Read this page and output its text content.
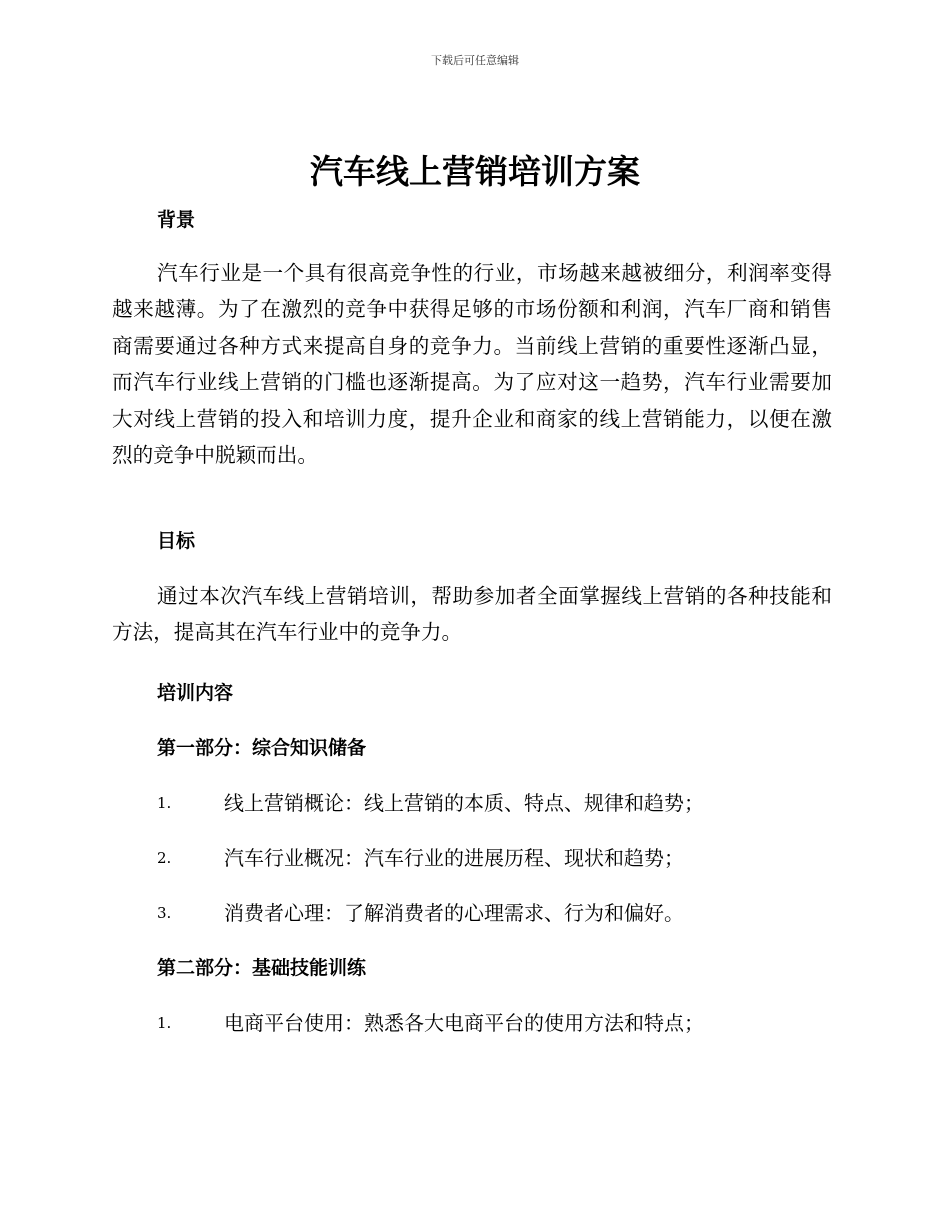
下载后可任意编辑
汽车线上营销培训方案
背景

汽车行业是一个具有很高竞争性的行业，市场越来越被细分，利润率变得越来越薄。为了在激烈的竞争中获得足够的市场份额和利润，汽车厂商和销售商需要通过各种方式来提高自身的竞争力。当前线上营销的重要性逐渐凸显，而汽车行业线上营销的门槛也逐渐提高。为了应对这一趋势，汽车行业需要加大对线上营销的投入和培训力度，提升企业和商家的线上营销能力，以便在激烈的竞争中脱颖而出。

目标

通过本次汽车线上营销培训，帮助参加者全面掌握线上营销的各种技能和方法，提高其在汽车行业中的竞争力。

培训内容
第一部分：综合知识储备
1.	线上营销概论：线上营销的本质、特点、规律和趋势；
2.	汽车行业概况：汽车行业的进展历程、现状和趋势；
3.	消费者心理：了解消费者的心理需求、行为和偏好。
第二部分：基础技能训练
1.	电商平台使用：熟悉各大电商平台的使用方法和特点；
